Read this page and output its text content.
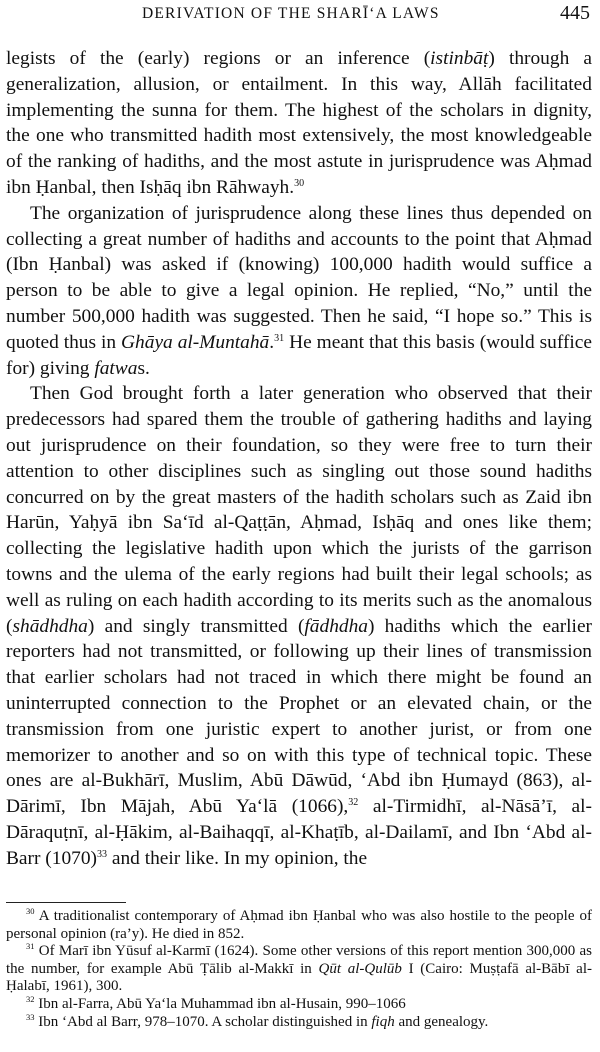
DERIVATION OF THE SHARĪ‘A LAWS	445

legists of the (early) regions or an inference (istinbāṭ) through a generalization, allusion, or entailment. In this way, Allāh facilitated implementing the sunna for them. The highest of the scholars in dignity, the one who transmitted hadith most extensively, the most knowledgeable of the ranking of hadiths, and the most astute in jurisprudence was Aḥmad ibn Ḥanbal, then Isḥāq ibn Rāhwayh.$^{30}$

The organization of jurisprudence along these lines thus depended on collecting a great number of hadiths and accounts to the point that Aḥmad (Ibn Ḥanbal) was asked if (knowing) 100,000 hadith would suffice a person to be able to give a legal opinion. He replied, “No,” until the number 500,000 hadith was suggested. Then he said, “I hope so.” This is quoted thus in Ghāya al-Muntahā.$^{31}$ He meant that this basis (would suffice for) giving fatwas.

Then God brought forth a later generation who observed that their predecessors had spared them the trouble of gathering hadiths and laying out jurisprudence on their foundation, so they were free to turn their attention to other disciplines such as singling out those sound hadiths concurred on by the great masters of the hadith scholars such as Zaid ibn Harūn, Yaḥyā ibn Sa‘īd al-Qaṭṭān, Aḥmad, Isḥāq and ones like them; collecting the legislative hadith upon which the jurists of the garrison towns and the ulema of the early regions had built their legal schools; as well as ruling on each hadith according to its merits such as the anomalous (shādhdha) and singly transmitted (fādhdha) hadiths which the earlier reporters had not transmitted, or following up their lines of transmission that earlier scholars had not traced in which there might be found an uninterrupted connection to the Prophet or an elevated chain, or the transmission from one juristic expert to another jurist, or from one memorizer to another and so on with this type of technical topic. These ones are al-Bukhārī, Muslim, Abū Dāwūd, ‘Abd ibn Ḥumayd (863), al-Dārimī, Ibn Mājah, Abū Ya‘lā (1066),$^{32}$ al-Tirmidhī, al-Nāsā’ī, al-Dāraquṭnī, al-Ḥākim, al-Baihaqqī, al-Khaṭīb, al-Dailamī, and Ibn ‘Abd al-Barr (1070)$^{33}$ and their like. In my opinion, the

$^{30}$ A traditionalist contemporary of Aḥmad ibn Ḥanbal who was also hostile to the people of personal opinion (ra’y). He died in 852.

$^{31}$ Of Marī ibn Yūsuf al-Karmī (1624). Some other versions of this report mention 300,000 as the number, for example Abū Ṭālib al-Makkī in Qūt al-Qulūb I (Cairo: Muṣṭafā al-Bābī al-Ḥalabī, 1961), 300.

$^{32}$ Ibn al-Farra, Abū Ya‘la Muhammad ibn al-Husain, 990–1066

$^{33}$ Ibn ‘Abd al Barr, 978–1070. A scholar distinguished in fiqh and genealogy.
